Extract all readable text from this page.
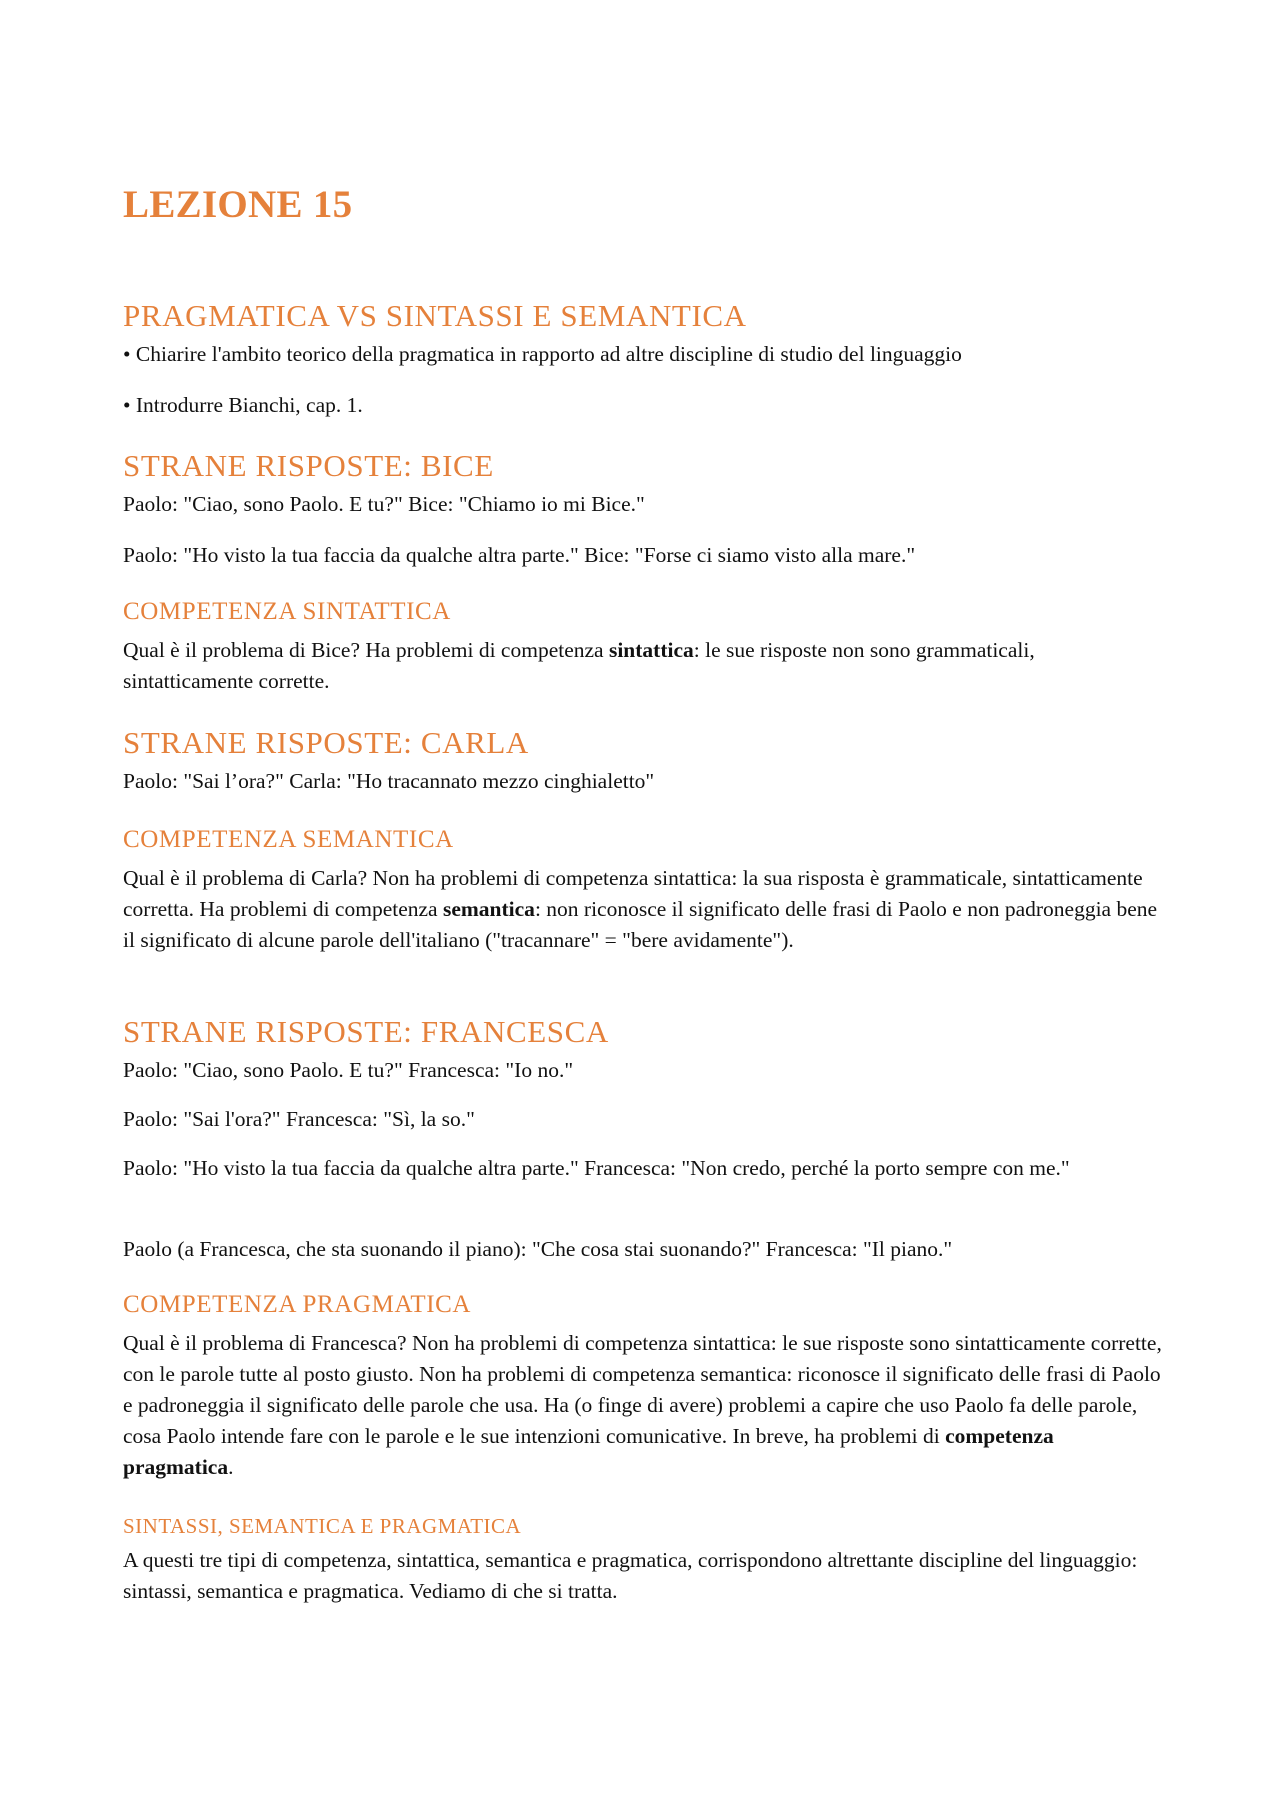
LEZIONE 15
PRAGMATICA VS SINTASSI E SEMANTICA

• Chiarire l'ambito teorico della pragmatica in rapporto ad altre discipline di studio del linguaggio

• Introdurre Bianchi, cap. 1.

STRANE RISPOSTE: BICE

Paolo: "Ciao, sono Paolo. E tu?" Bice: "Chiamo io mi Bice."

Paolo: "Ho visto la tua faccia da qualche altra parte." Bice: "Forse ci siamo visto alla mare."

COMPETENZA SINTATTICA

Qual è il problema di Bice? Ha problemi di competenza sintattica: le sue risposte non sono grammaticali, sintatticamente corrette.

STRANE RISPOSTE: CARLA

Paolo: "Sai l’ora?" Carla: "Ho tracannato mezzo cinghialetto"

COMPETENZA SEMANTICA

Qual è il problema di Carla? Non ha problemi di competenza sintattica: la sua risposta è grammaticale, sintatticamente corretta. Ha problemi di competenza semantica: non riconosce il significato delle frasi di Paolo e non padroneggia bene il significato di alcune parole dell'italiano ("tracannare" = "bere avidamente").

STRANE RISPOSTE: FRANCESCA

Paolo: "Ciao, sono Paolo. E tu?" Francesca: "Io no."

Paolo: "Sai l'ora?" Francesca: "Sì, la so."

Paolo: "Ho visto la tua faccia da qualche altra parte." Francesca: "Non credo, perché la porto sempre con me."

Paolo (a Francesca, che sta suonando il piano): "Che cosa stai suonando?" Francesca: "Il piano."

COMPETENZA PRAGMATICA

Qual è il problema di Francesca? Non ha problemi di competenza sintattica: le sue risposte sono sintatticamente corrette, con le parole tutte al posto giusto. Non ha problemi di competenza semantica: riconosce il significato delle frasi di Paolo e padroneggia il significato delle parole che usa. Ha (o finge di avere) problemi a capire che uso Paolo fa delle parole, cosa Paolo intende fare con le parole e le sue intenzioni comunicative. In breve, ha problemi di competenza pragmatica.

SINTASSI, SEMANTICA E PRAGMATICA

A questi tre tipi di competenza, sintattica, semantica e pragmatica, corrispondono altrettante discipline del linguaggio: sintassi, semantica e pragmatica. Vediamo di che si tratta.
